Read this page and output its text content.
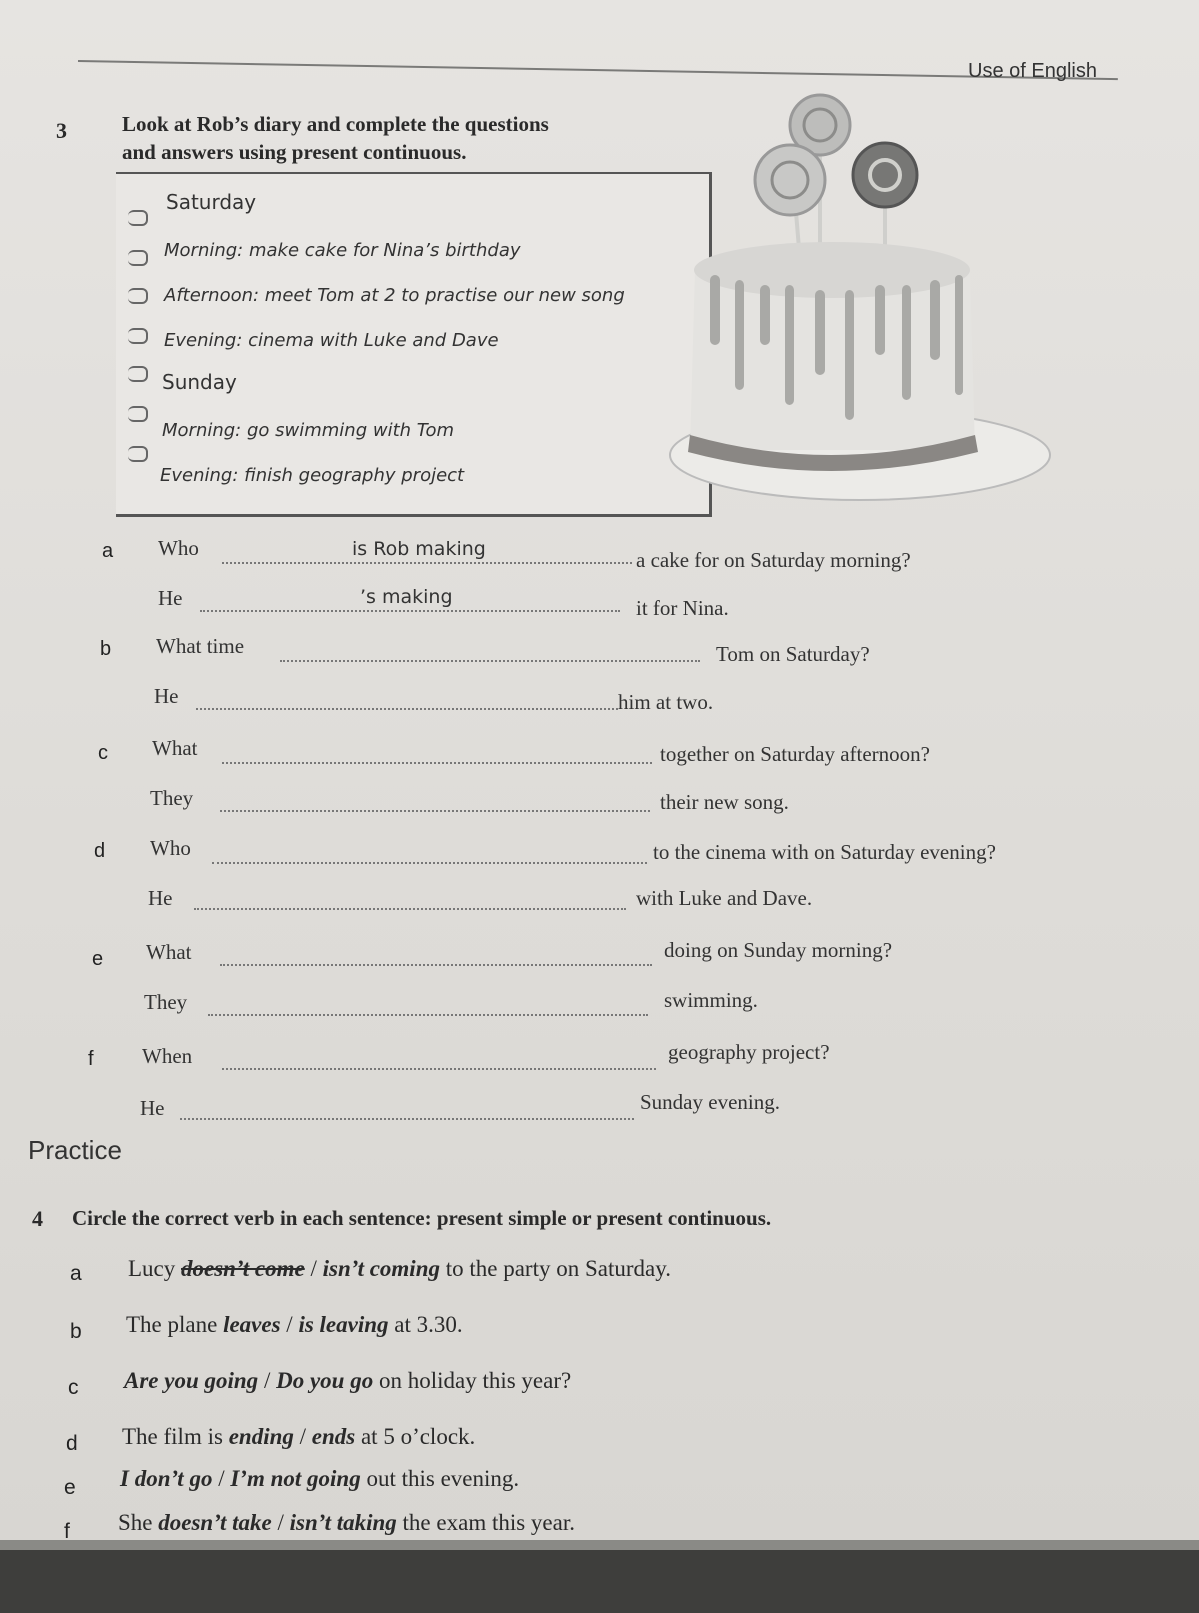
Use of English
3	Look at Rob’s diary and complete the questions
and answers using present continuous.
Saturday
Morning: make cake for Nina’s birthday
Afternoon: meet Tom at 2 to practise our new song
Evening: cinema with Luke and Dave
Sunday
Morning: go swimming with Tom
Evening: finish geography project
a Who	is Rob making	a cake for on Saturday morning?
He	’s making	it for Nina.
b What time	Tom on Saturday?
He	him at two.
c What	together on Saturday afternoon?
They	their new song.
d Who	to the cinema with on Saturday evening?
He	with Luke and Dave.
e What	doing on Sunday morning?
They	swimming.
f When	geography project?
He	Sunday evening.
Practice
4 Circle the correct verb in each sentence: present simple or present continuous.
a Lucy doesn’t come / isn’t coming to the party on Saturday.
b The plane leaves / is leaving at 3.30.
c Are you going / Do you go on holiday this year?
d The film is ending / ends at 5 o’clock.
e I don’t go / I’m not going out this evening.
f She doesn’t take / isn’t taking the exam this year.
